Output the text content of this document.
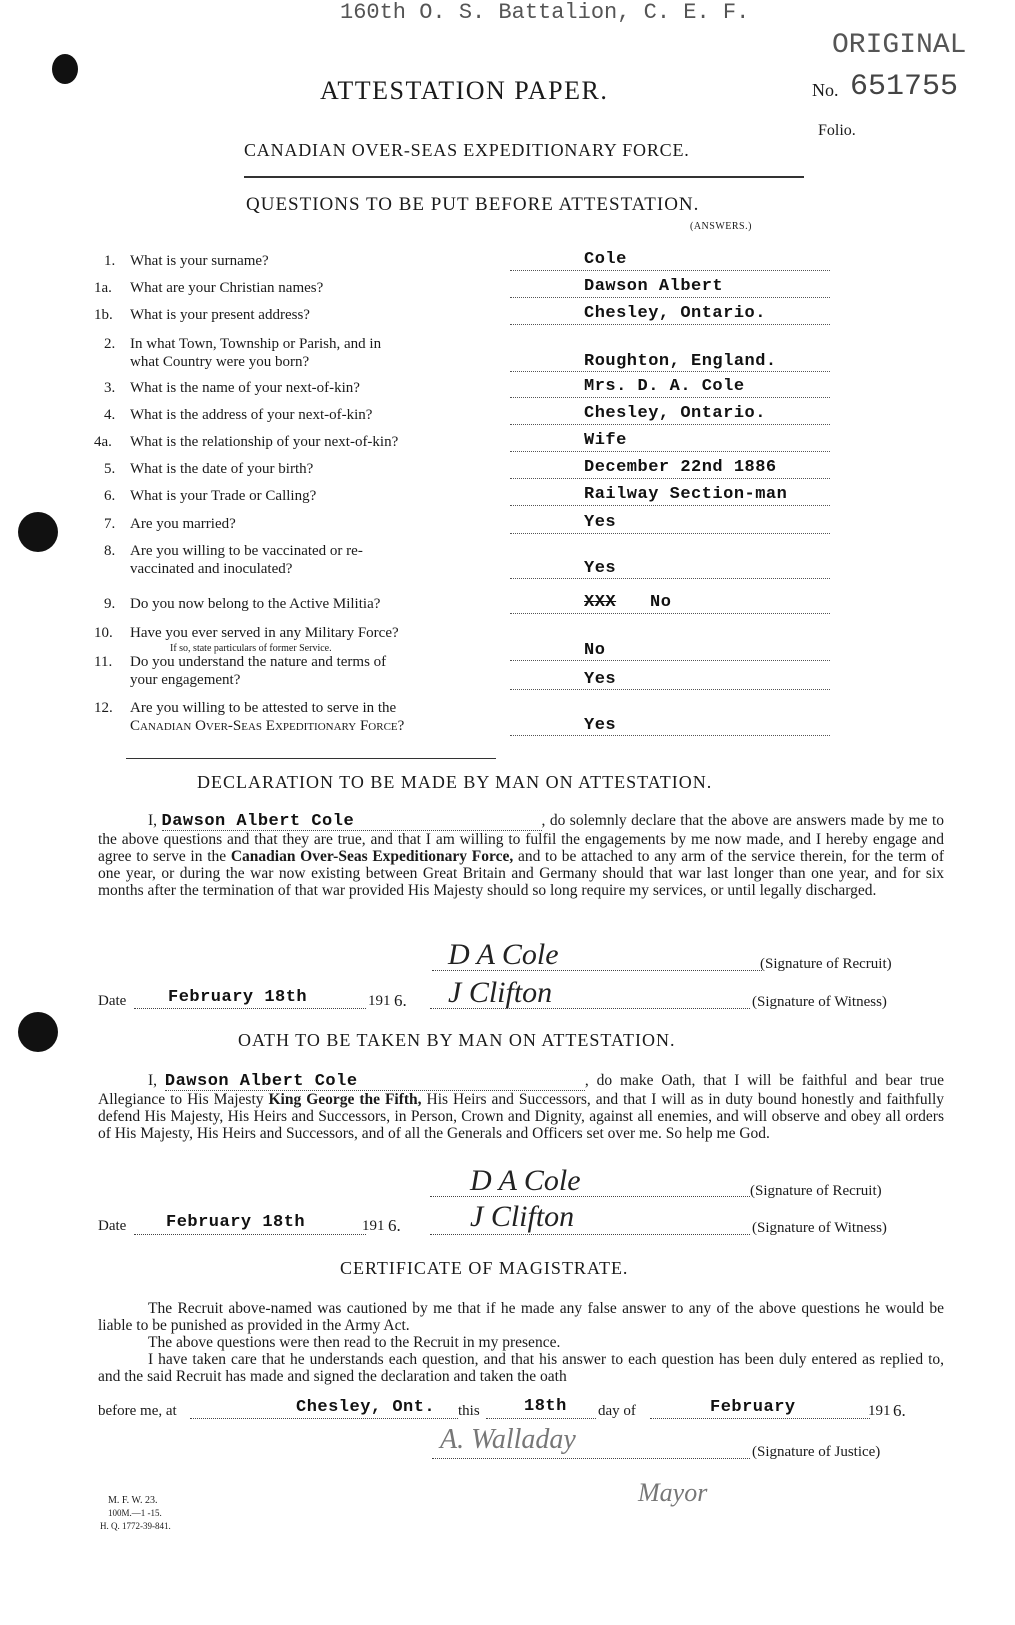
160th O. S. Battalion, C. E. F.
ORIGINAL
No. 651755
Folio.
ATTESTATION PAPER.
CANADIAN OVER-SEAS EXPEDITIONARY FORCE.
QUESTIONS TO BE PUT BEFORE ATTESTATION.
(ANSWERS.)
1. What is your surname?	Cole
1a. What are your Christian names?	Dawson Albert
1b. What is your present address?	Chesley, Ontario.
2. In what Town, Township or Parish, and in
what Country were you born?	Roughton, England.
3. What is the name of your next-of-kin?	Mrs. D. A. Cole
4. What is the address of your next-of-kin?	Chesley, Ontario.
4a. What is the relationship of your next-of-kin?	Wife
5. What is the date of your birth?	December 22nd 1886
6. What is your Trade or Calling?	Railway Section-man
7. Are you married?	Yes
8. Are you willing to be vaccinated or re-
vaccinated and inoculated?	Yes
9. Do you now belong to the Active Militia?	XXX No
10. Have you ever served in any Military Force?
If so, state particulars of former Service.	No
11. Do you understand the nature and terms of
your engagement?	Yes
12. Are you willing to be attested to serve in the
Canadian Over-Seas Expeditionary Force?	Yes
DECLARATION TO BE MADE BY MAN ON ATTESTATION.
I, Dawson Albert Cole	, do solemnly declare that the above are answers made by me to the above questions and that they are true, and that I am willing to fulfil the engagements by me now made, and I hereby engage and agree to serve in the Canadian Over-Seas Expeditionary Force, and to be attached to any arm of the service therein, for the term of one year, or during the war now existing between Great Britain and Germany should that war last longer than one year, and for six months after the termination of that war provided His Majesty should so long require my services, or until legally discharged.
D A Cole	(Signature of Recruit)
Date February 18th	191 6. J Clifton	(Signature of Witness)
OATH TO BE TAKEN BY MAN ON ATTESTATION.
I, Dawson Albert Cole	, do make Oath, that I will be faithful and bear true Allegiance to His Majesty King George the Fifth, His Heirs and Successors, and that I will as in duty bound honestly and faithfully defend His Majesty, His Heirs and Successors, in Person, Crown and Dignity, against all enemies, and will observe and obey all orders of His Majesty, His Heirs and Successors, and of all the Generals and Officers set over me. So help me God.
D A Cole	(Signature of Recruit)
Date February 18th	191 6. J Clifton	(Signature of Witness)
CERTIFICATE OF MAGISTRATE.
The Recruit above-named was cautioned by me that if he made any false answer to any of the above questions he would be liable to be punished as provided in the Army Act.
The above questions were then read to the Recruit in my presence.
I have taken care that he understands each question, and that his answer to each question has been duly entered as replied to, and the said Recruit has made and signed the declaration and taken the oath
before me, at	Chesley, Ont. this	18th day of	February	191 6.
A. Walladay	(Signature of Justice)
Mayor
M. F. W. 23.
100M.—1 -15.
H. Q. 1772-39-841.
